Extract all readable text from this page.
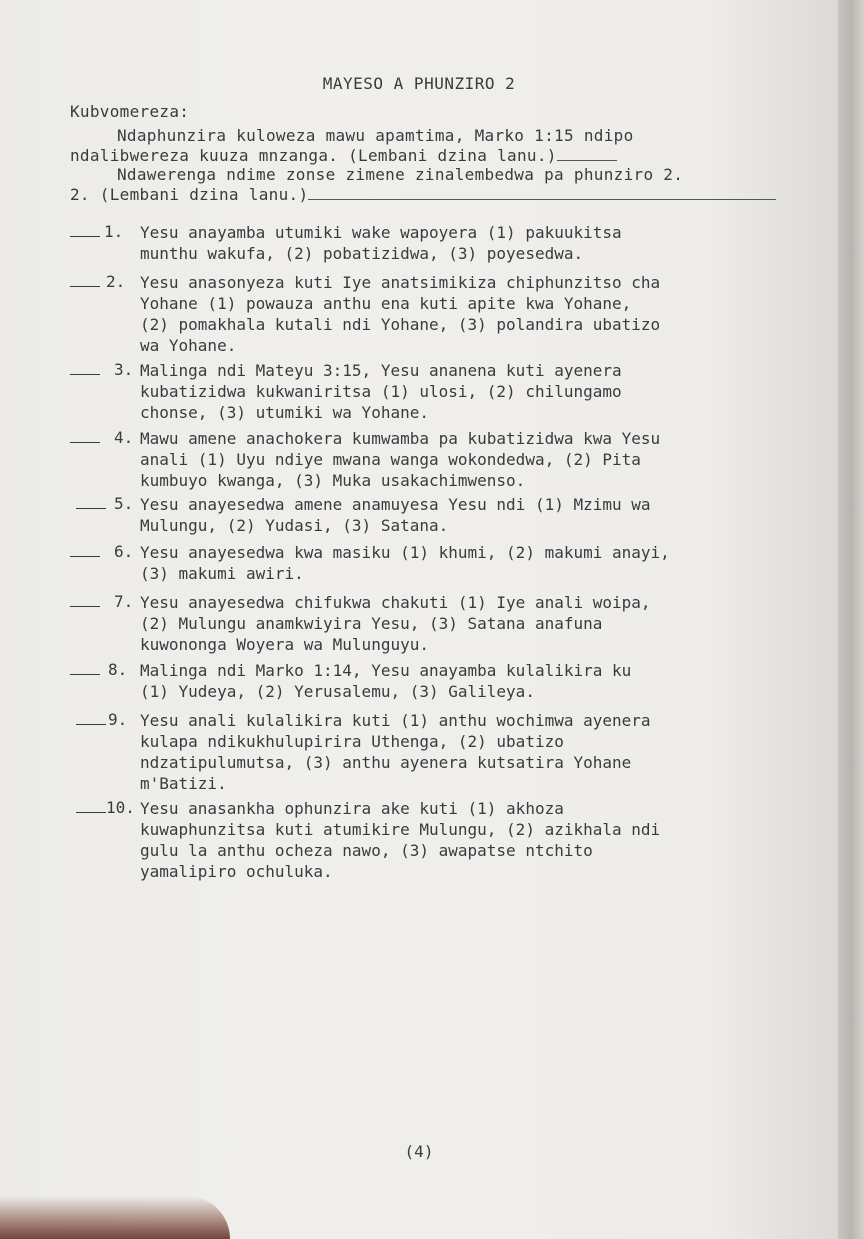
MAYESO A PHUNZIRO 2
Kubvomereza:
Ndaphunzira kuloweza mawu apamtima, Marko 1:15 ndipo
ndalibwereza kuuza mnzanga. (Lembani dzina lanu.)
Ndawerenga ndime zonse zimene zinalembedwa pa phunziro 2.
2. (Lembani dzina lanu.)
1. Yesu anayamba utumiki wake wapoyera (1) pakuukitsa
munthu wakufa, (2) pobatizidwa, (3) poyesedwa.
2. Yesu anasonyeza kuti Iye anatsimikiza chiphunzitso cha
Yohane (1) powauza anthu ena kuti apite kwa Yohane,
(2) pomakhala kutali ndi Yohane, (3) polandira ubatizo
wa Yohane.
3. Malinga ndi Mateyu 3:15, Yesu ananena kuti ayenera
kubatizidwa kukwaniritsa (1) ulosi, (2) chilungamo
chonse, (3) utumiki wa Yohane.
4. Mawu amene anachokera kumwamba pa kubatizidwa kwa Yesu
anali (1) Uyu ndiye mwana wanga wokondedwa, (2) Pita
kumbuyo kwanga, (3) Muka usakachimwenso.
5. Yesu anayesedwa amene anamuyesa Yesu ndi (1) Mzimu wa
Mulungu, (2) Yudasi, (3) Satana.
6. Yesu anayesedwa kwa masiku (1) khumi, (2) makumi anayi,
(3) makumi awiri.
7. Yesu anayesedwa chifukwa chakuti (1) Iye anali woipa,
(2) Mulungu anamkwiyira Yesu, (3) Satana anafuna
kuwononga Woyera wa Mulunguyu.
8. Malinga ndi Marko 1:14, Yesu anayamba kulalikira ku
(1) Yudeya, (2) Yerusalemu, (3) Galileya.
9. Yesu anali kulalikira kuti (1) anthu wochimwa ayenera
kulapa ndikukhulupirira Uthenga, (2) ubatizo
ndzatipulumutsa, (3) anthu ayenera kutsatira Yohane
m'Batizi.
10. Yesu anasankha ophunzira ake kuti (1) akhoza
kuwaphunzitsa kuti atumikire Mulungu, (2) azikhala ndi
gulu la anthu ocheza nawo, (3) awapatse ntchito
yamalipiro ochuluka.
(4)
